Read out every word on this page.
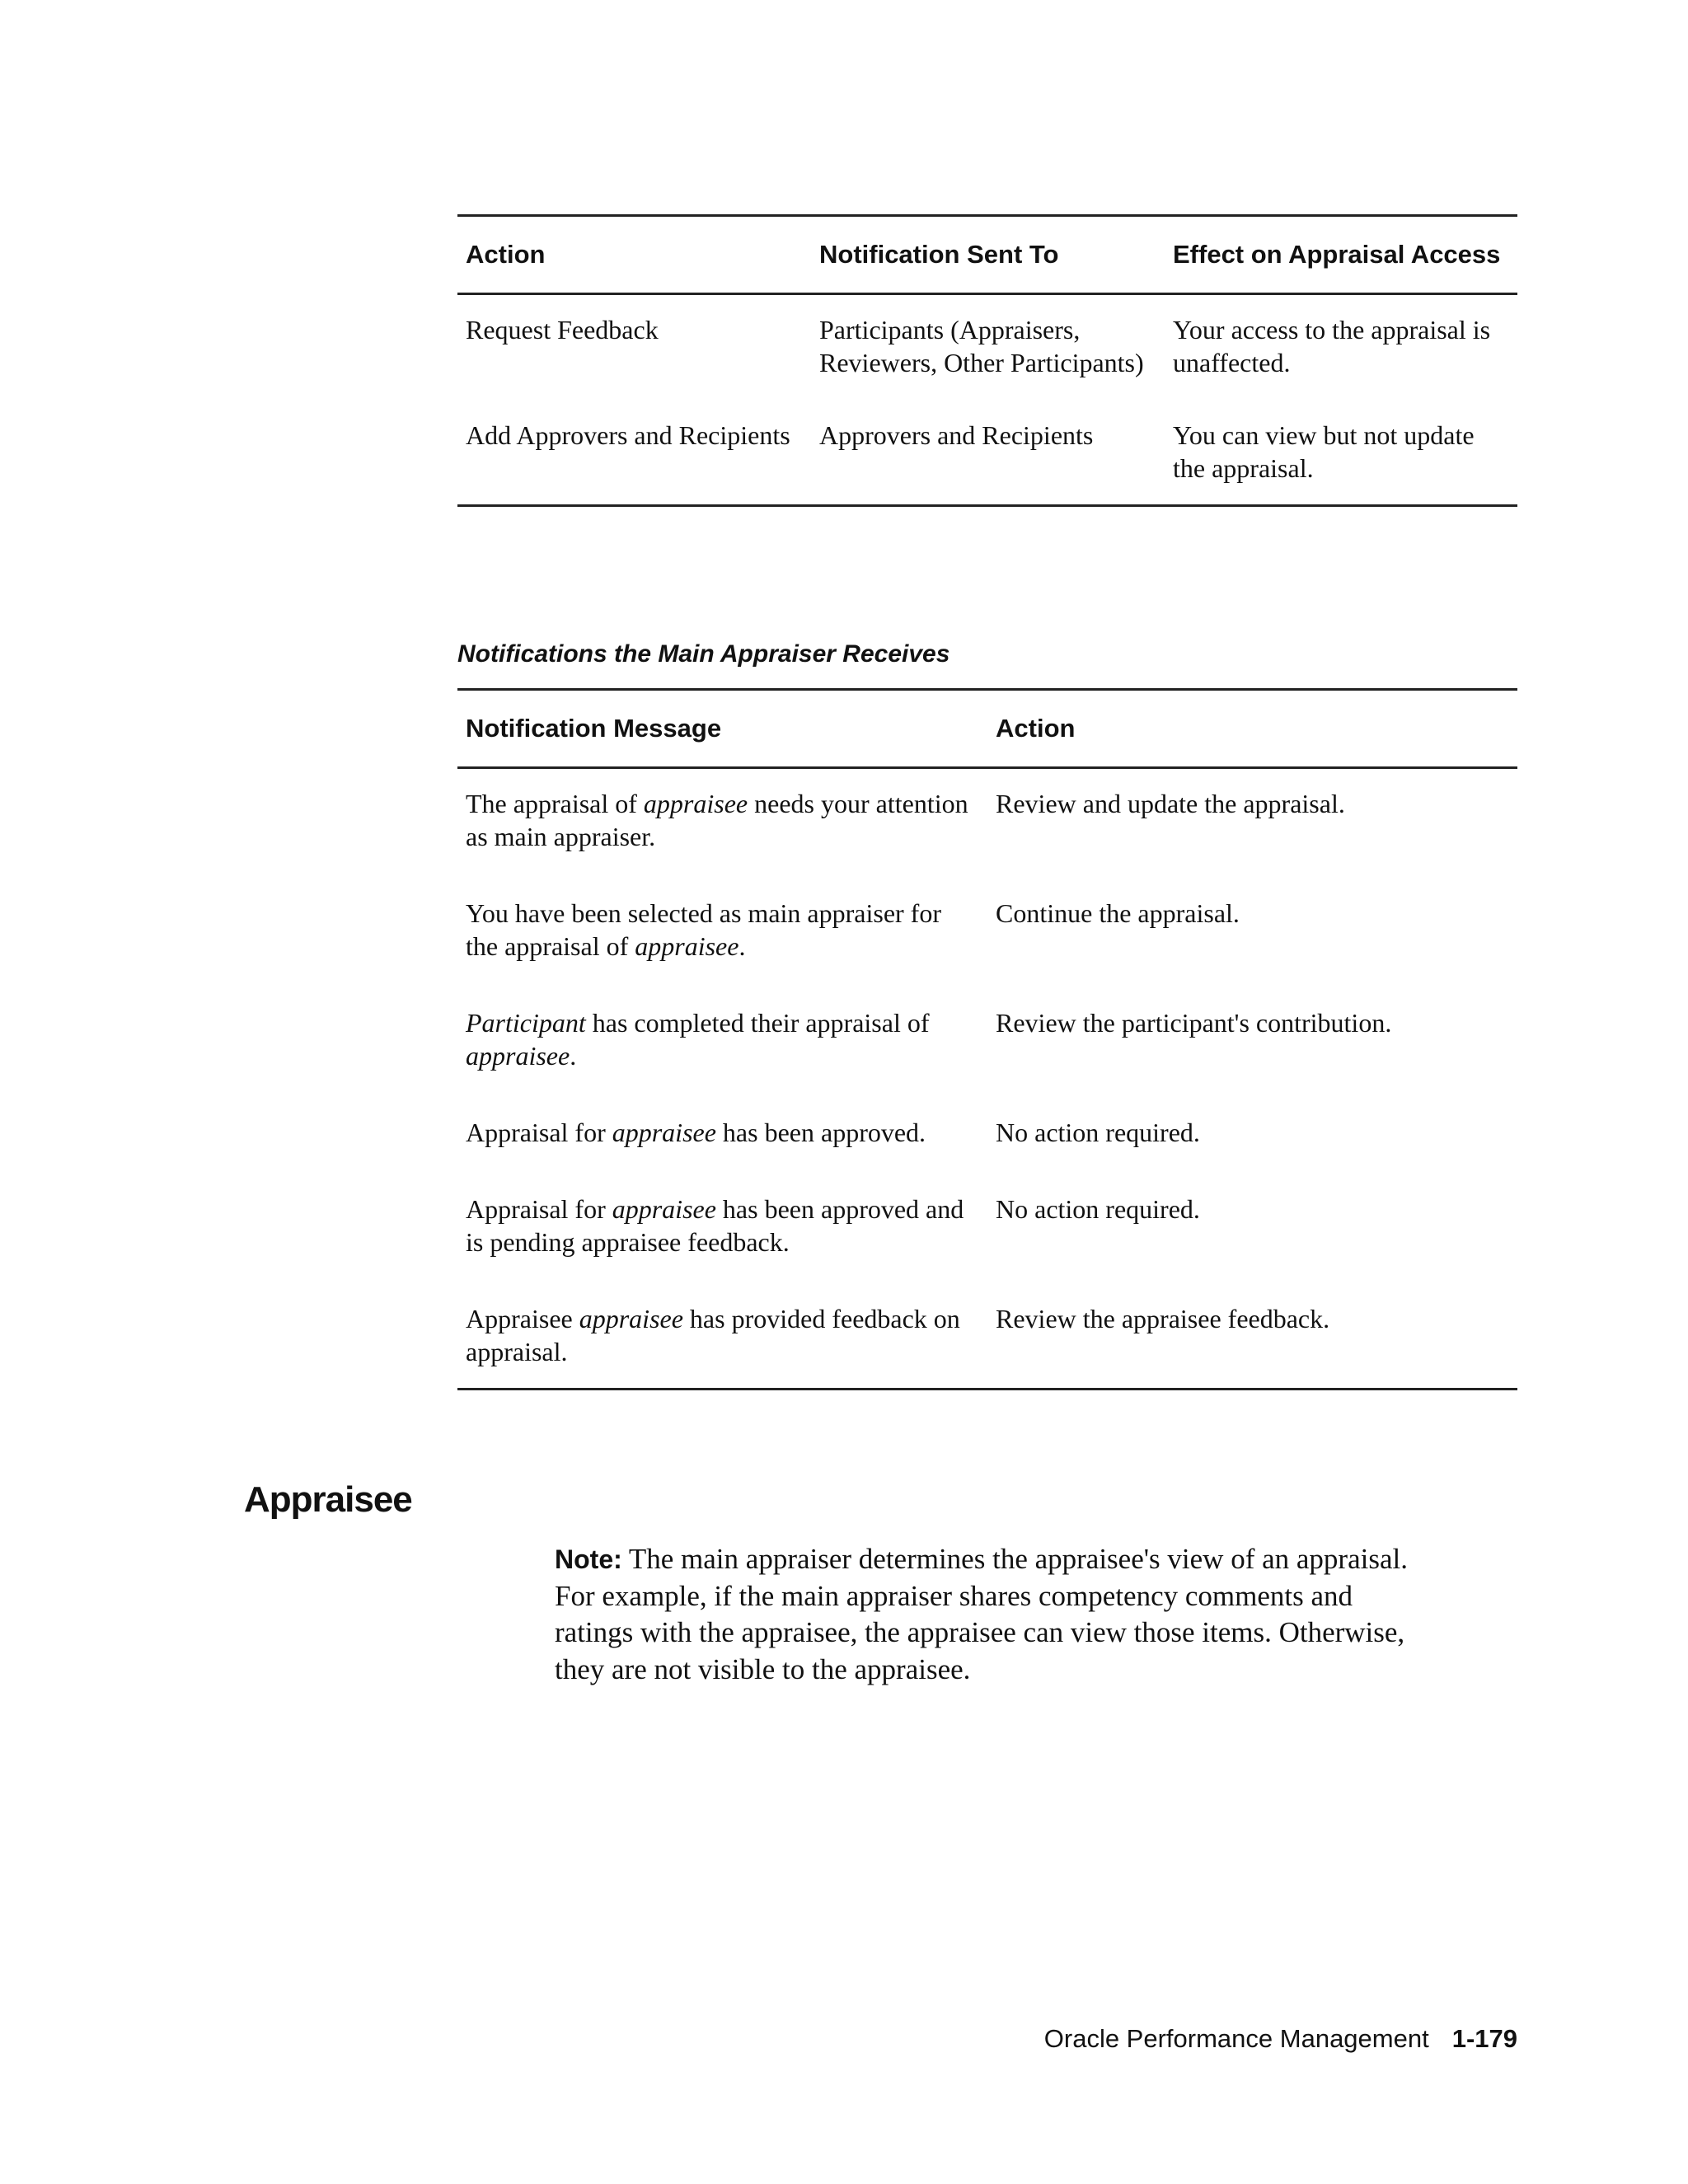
Action	Notification Sent To	Effect on Appraisal Access
Request Feedback	Participants (Appraisers, Reviewers, Other Participants)	Your access to the appraisal is unaffected.
Add Approvers and Recipients	Approvers and Recipients	You can view but not update the appraisal.

Notifications the Main Appraiser Receives

Notification Message	Action
The appraisal of appraisee needs your attention as main appraiser.	Review and update the appraisal.
You have been selected as main appraiser for the appraisal of appraisee.	Continue the appraisal.
Participant has completed their appraisal of appraisee.	Review the participant's contribution.
Appraisal for appraisee has been approved.	No action required.
Appraisal for appraisee has been approved and is pending appraisee feedback.	No action required.
Appraisee appraisee has provided feedback on appraisal.	Review the appraisee feedback.
Appraisee

Note: The main appraiser determines the appraisee's view of an appraisal. For example, if the main appraiser shares competency comments and ratings with the appraisee, the appraisee can view those items. Otherwise, they are not visible to the appraisee.

Oracle Performance Management 1-179
